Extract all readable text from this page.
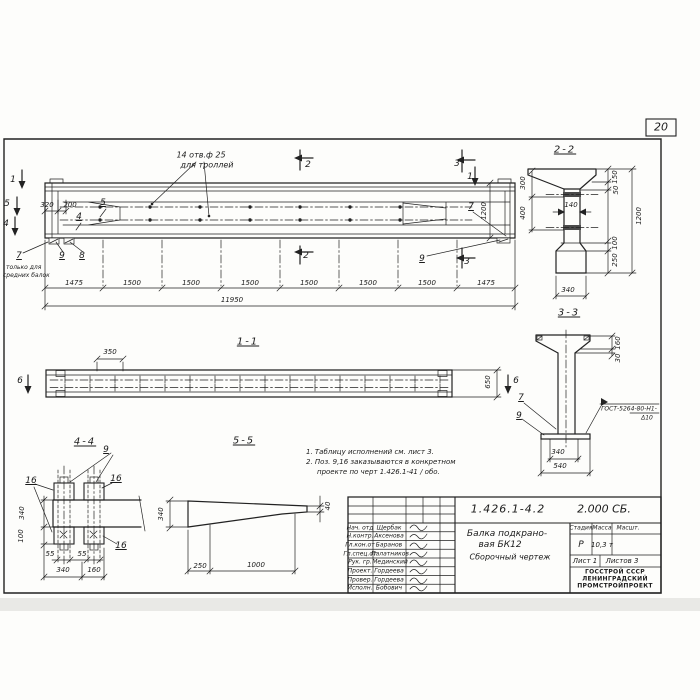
20
14 отв.ф 25
для троллей
1
5
4
1
2
2
3
3
320 200	5
4
7	9 8
7
9
только для
средних балок
1475	1500	1500	1500	1500	1500	1500	1475
11950
1200
1-1
350
650
6	6
4-4
9
16	16
16
340
100
55	55
340	160
5-5
340
40
250	1000
2-2
300
400
150
50
100
250
1200
140
340
3-3
160
30
7
9
ГОСТ-5264-80-Н1-
Δ10
340
540
1. Таблицу исполнений см. лист 3.
2. Поз. 9,16 заказываются в конкретном
проекте по черт 1.426.1-41 / обо.
1.426.1-4.2	2.000 СБ.
Балка подкрано-
вая БК12
Сборочный чертеж
Стадия Масса Масшт.
Р 10,3 т
Лист 1 Листов 3
ГОССТРОЙ СССР
ЛЕНИНГРАДСКИЙ
ПРОМСТРОЙПРОЕКТ
Нач. отд Щербак
Н.контр. Аксенова
Гл.кон.от Баранов
Гл.спец.от
Палатников
Рук. гр. Мединский
Проект. Гордеева
Провер. Гордеева
Исполн. Бобович
